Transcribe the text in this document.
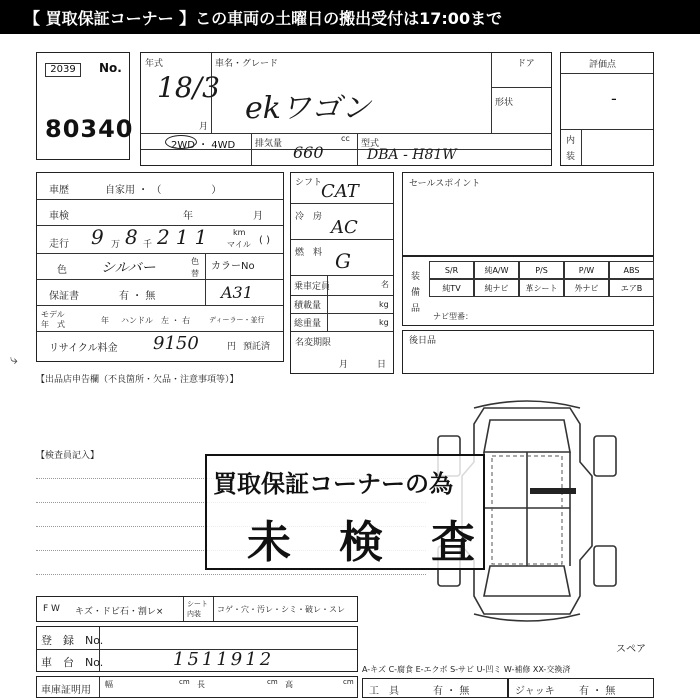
【 買取保証コーナー 】この車両の土曜日の搬出受付は17:00まで
2039	No.
80340
年式
18/3
月
車名・グレード
ekワゴン
ドア
形状
2WD ・ 4WD 排気量 660
cc
型式
DBA - H81W
評価点
-
内
装
車歴	自家用 ・ （　　　　　）
車検	年	月
走行 9 万 8 千 211 km
マイル ( )
色 シルバー	色
替
カラーNo
保証書	有 ・ 無	A31
モデル
年　式	年 ハンドル　左 ・ 右	ディーラー・並行
リサイクル料金 9150	円 預託済
シフト
CAT
冷　房 AC
燃　料 G
乗車定員	名
積載量	kg
総重量	kg
名変期限
月	日
セールスポイント
装
備
品
ナビ型番：
S/R	純A/W	P/S	P/W	ABS
純TV	純ナビ	革シート	外ナビ	エアB
後日品
【出品店申告欄（不良箇所・欠品・注意事項等）】
⤷
【検査員記入】
買取保証コーナーの為
未　検　査
F W キズ・ドビ石・割レ×
シート
内装 コゲ・穴・汚レ・シミ・破レ・スレ
登　録　No.
車　台　No.	1511912
車庫証明用
幅	cm 長	cm 高	cm
スペア
A-キズ C-腐食 E-エクボ S-サビ U-凹ミ W-補修 XX-交換済
工　具	有 ・ 無	ジャッキ 有 ・ 無
